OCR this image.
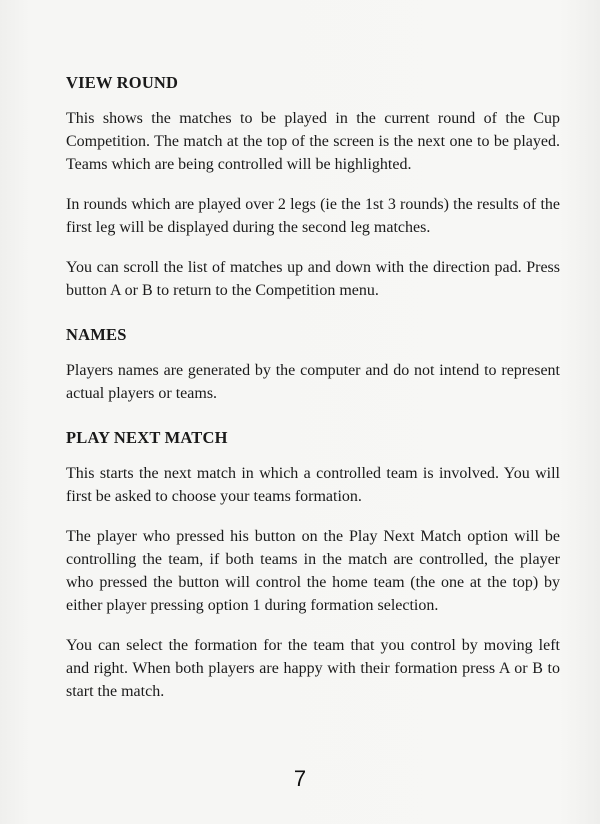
VIEW ROUND

This shows the matches to be played in the current round of the Cup Competition. The match at the top of the screen is the next one to be played. Teams which are being controlled will be highlighted.

In rounds which are played over 2 legs (ie the 1st 3 rounds) the results of the first leg will be displayed during the second leg matches.

You can scroll the list of matches up and down with the direction pad. Press button A or B to return to the Competition menu.

NAMES

Players names are generated by the computer and do not intend to represent actual players or teams.

PLAY NEXT MATCH

This starts the next match in which a controlled team is involved. You will first be asked to choose your teams formation.

The player who pressed his button on the Play Next Match option will be controlling the team, if both teams in the match are controlled, the player who pressed the button will control the home team (the one at the top) by either player pressing option 1 during formation selection.

You can select the formation for the team that you control by moving left and right. When both players are happy with their formation press A or B to start the match.

7
